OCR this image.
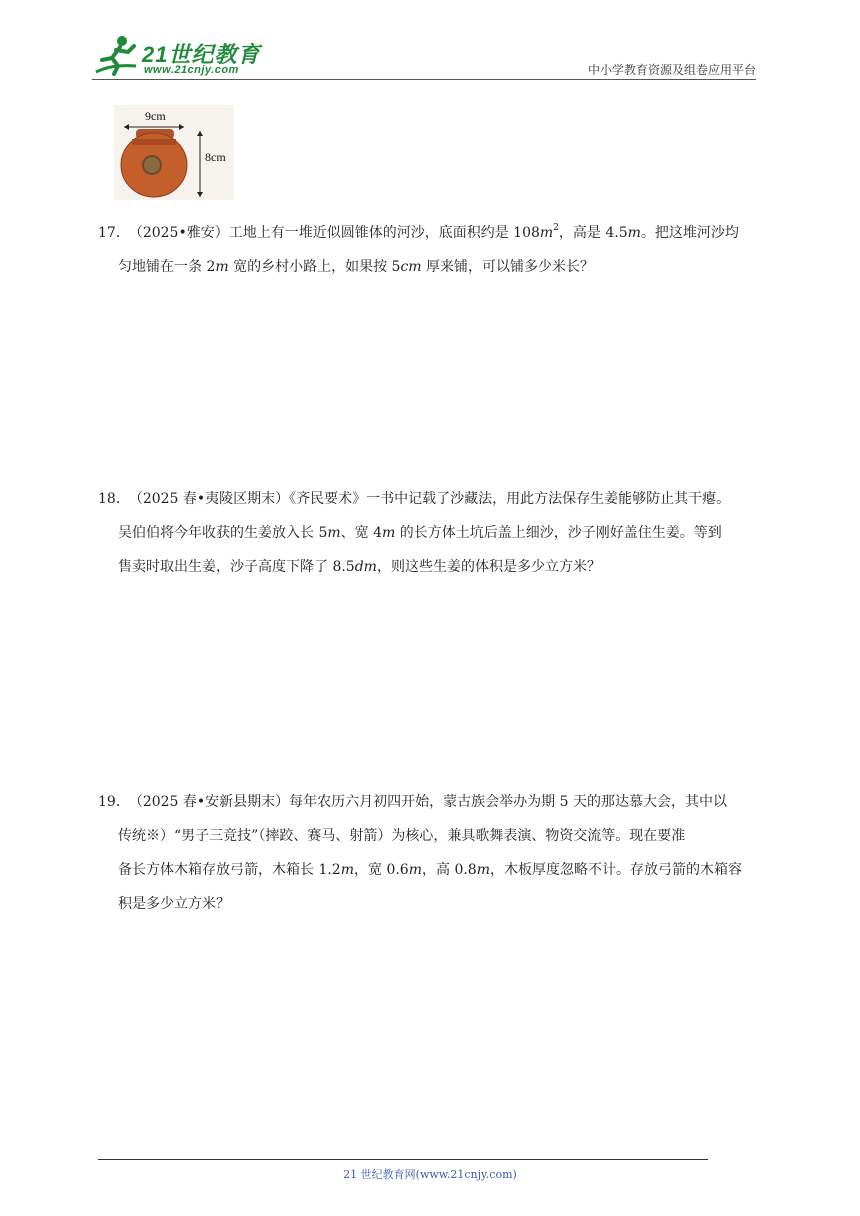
21世纪教育
www.21cnjy.com	中小学教育资源及组卷应用平台
9cm
8cm
17． （2025•雅安）工地上有一堆近似圆锥体的河沙，底面积约是 $108m^2$，高是 4.5m。把这堆河沙均
匀地铺在一条 2m 宽的乡村小路上，如果按 5cm 厚来铺，可以铺多少米长？
18． （2025 春•夷陵区期末）《齐民要术》一书中记载了沙藏法，用此方法保存生姜能够防止其干瘪。
吴伯伯将今年收获的生姜放入长 5m、宽 4m 的长方体土坑后盖上细沙，沙子刚好盖住生姜。等到
售卖时取出生姜，沙子高度下降了 8.5dm，则这些生姜的体积是多少立方米？
19． （2025 春•安新县期末）每年农历六月初四开始，蒙古族会举办为期 5 天的那达慕大会，其中以
传统※）“男子三竞技”（摔跤、赛马、射箭）为核心，兼具歌舞表演、物资交流等。现在要准
备长方体木箱存放弓箭，木箱长 1.2m，宽 0.6m，高 0.8m，木板厚度忽略不计。存放弓箭的木箱容
积是多少立方米？
21 世纪教育网(www.21cnjy.com)
